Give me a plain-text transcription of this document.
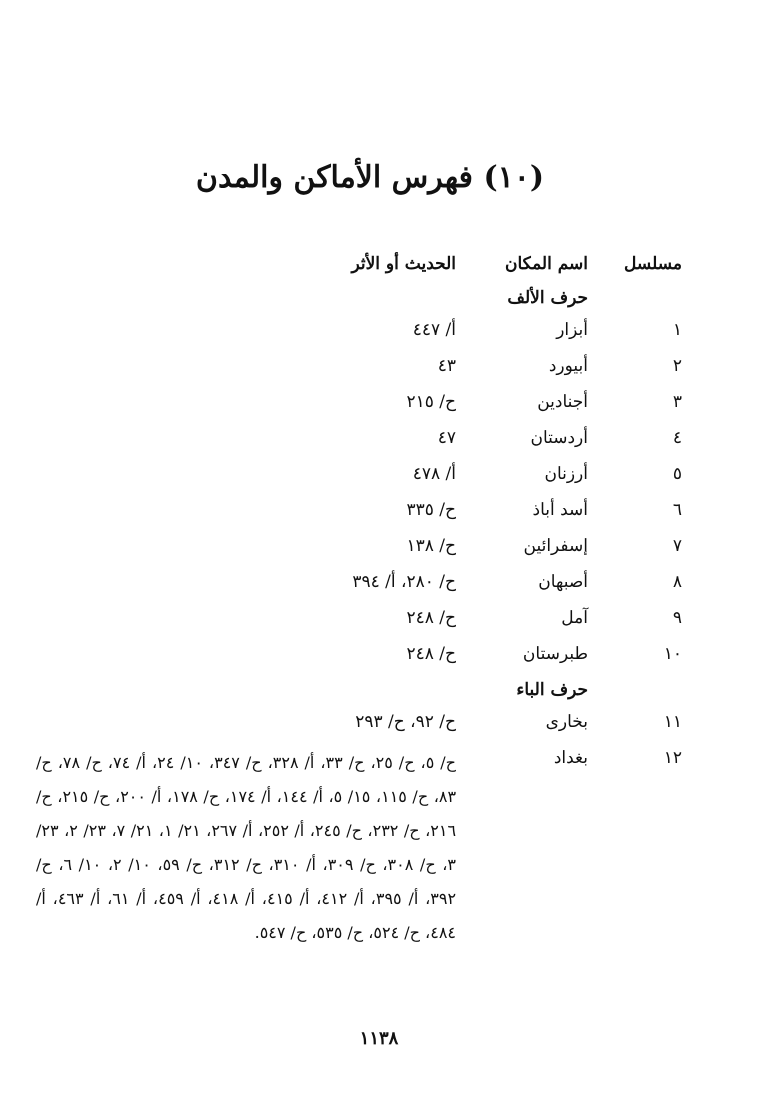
(١٠) فهرس الأماكن والمدن
مسلسل
اسم المكان
الحديث أو الأثر
حرف الألف
١
أبزار
أ/ ٤٤٧
٢
أبيورد
٤٣
٣
أجنادين
ح/ ٢١٥
٤
أردستان
٤٧
٥
أرزنان
أ/ ٤٧٨
٦
أسد أباذ
ح/ ٣٣٥
٧
إسفرائين
ح/ ١٣٨
٨
أصبهان
ح/ ٢٨٠، أ/ ٣٩٤
٩
آمل
ح/ ٢٤٨
١٠
طبرستان
ح/ ٢٤٨
حرف الباء
١١
بخارى
ح/ ٩٢، ح/ ٢٩٣
١٢
بغداد
ح/ ٥، ح/ ٢٥، ح/ ٣٣، أ/ ٣٢٨، ح/ ٣٤٧، ١٠/ ٢٤، أ/ ٧٤، ح/ ٧٨، ح/ ٨٣، ح/ ١١٥، ١٥/ ٥، أ/ ١٤٤، أ/ ١٧٤، ح/ ١٧٨، أ/ ٢٠٠، ح/ ٢١٥، ح/ ٢١٦، ح/ ٢٣٢، ح/ ٢٤٥، أ/ ٢٥٢، أ/ ٢٦٧، ٢١/ ١، ٢١/ ٧، ٢٣/ ٢، ٢٣/ ٣، ح/ ٣٠٨، ح/ ٣٠٩، أ/ ٣١٠، ح/ ٣١٢، ح/ ٥٩، ١٠/ ٢، ١٠/ ٦، ح/ ٣٩٢، أ/ ٣٩٥، أ/ ٤١٢، أ/ ٤١٥، أ/ ٤١٨، أ/ ٤٥٩، أ/ ٦١، أ/ ٤٦٣، أ/ ٤٨٤، ح/ ٥٢٤، ح/ ٥٣٥، ح/ ٥٤٧.
١١٣٨
